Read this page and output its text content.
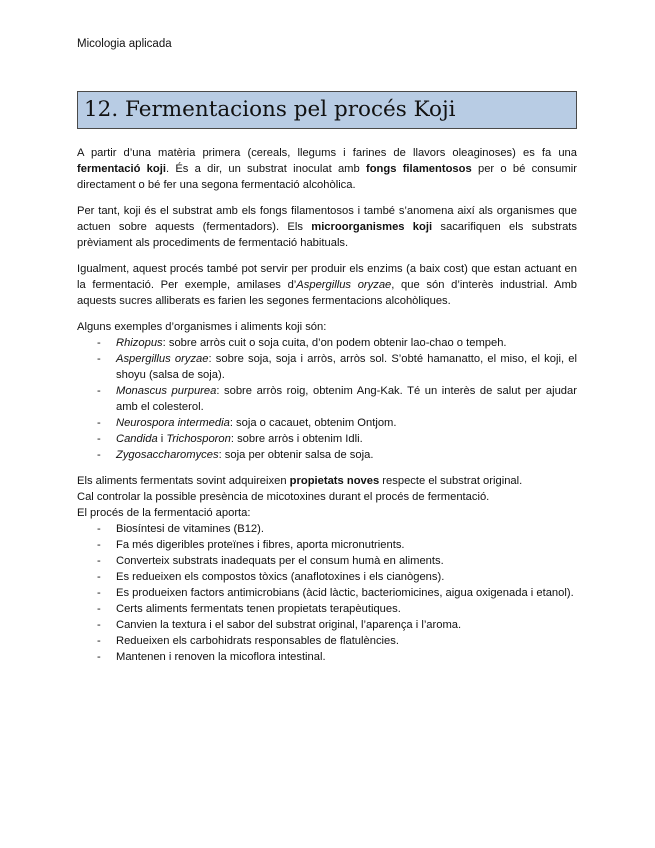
Micologia aplicada
12. Fermentacions pel procés Koji

A partir d’una matèria primera (cereals, llegums i farines de llavors oleaginoses) es fa una fermentació koji. És a dir, un substrat inoculat amb fongs filamentosos per o bé consumir directament o bé fer una segona fermentació alcohòlica.

Per tant, koji és el substrat amb els fongs filamentosos i també s’anomena així als organismes que actuen sobre aquests (fermentadors). Els microorganismes koji sacarifiquen els substrats prèviament als procediments de fermentació habituals.

Igualment, aquest procés també pot servir per produir els enzims (a baix cost) que estan actuant en la fermentació. Per exemple, amilases d’Aspergillus oryzae, que són d’interès industrial. Amb aquests sucres alliberats es farien les segones fermentacions alcohòliques.

Alguns exemples d’organismes i aliments koji són:

- Rhizopus: sobre arròs cuit o soja cuita, d’on podem obtenir lao-chao o tempeh.
- Aspergillus oryzae: sobre soja, soja i arròs, arròs sol. S’obté hamanatto, el miso, el koji, el shoyu (salsa de soja).
- Monascus purpurea: sobre arròs roig, obtenim Ang-Kak. Té un interès de salut per ajudar amb el colesterol.
- Neurospora intermedia: soja o cacauet, obtenim Ontjom.
- Candida i Trichosporon: sobre arròs i obtenim Idli.
- Zygosaccharomyces: soja per obtenir salsa de soja.

Els aliments fermentats sovint adquireixen propietats noves respecte el substrat original.

Cal controlar la possible presència de micotoxines durant el procés de fermentació.

El procés de la fermentació aporta:

- Biosíntesi de vitamines (B12).
- Fa més digeribles proteïnes i fibres, aporta micronutrients.
- Converteix substrats inadequats per el consum humà en aliments.
- Es redueixen els compostos tòxics (anaflotoxines i els cianògens).
- Es produeixen factors antimicrobians (àcid làctic, bacteriomicines, aigua oxigenada i etanol).
- Certs aliments fermentats tenen propietats terapèutiques.
- Canvien la textura i el sabor del substrat original, l’aparença i l’aroma.
- Redueixen els carbohidrats responsables de flatulències.
- Mantenen i renoven la micoflora intestinal.
